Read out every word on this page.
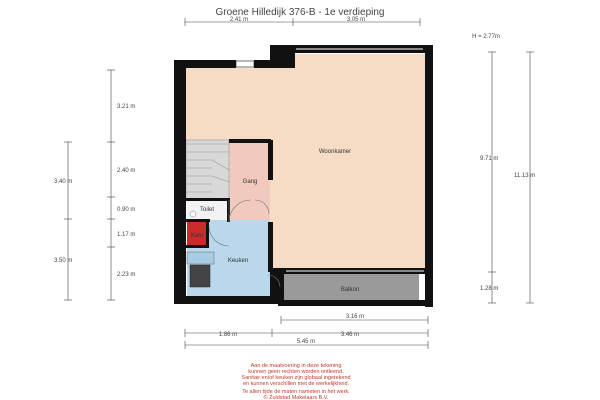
Groene Hilledijk 376-B - 1e verdieping
H = 2.77m
2.41 m	3.05 m
Woonkamer
Gang
Toilet
Kast
Keuken
Balkon
3.21 m
2.40 m
0.90 m
1.17 m
2.23 m
3.40 m
3.50 m
9.71 m
1.28 m
11.13 m
3.16 m
1.86 m	3.46 m
5.45 m
Aan de maatvoering in deze tekening
kunnen geen rechten worden ontleend.
Sanitair en/of keuken zijn globaal ingetekend
en kunnen verschillen met de werkelijkheid.
Te allen tijde de maten nameten in het werk.
© Zuidstad Makelaars B.V.
